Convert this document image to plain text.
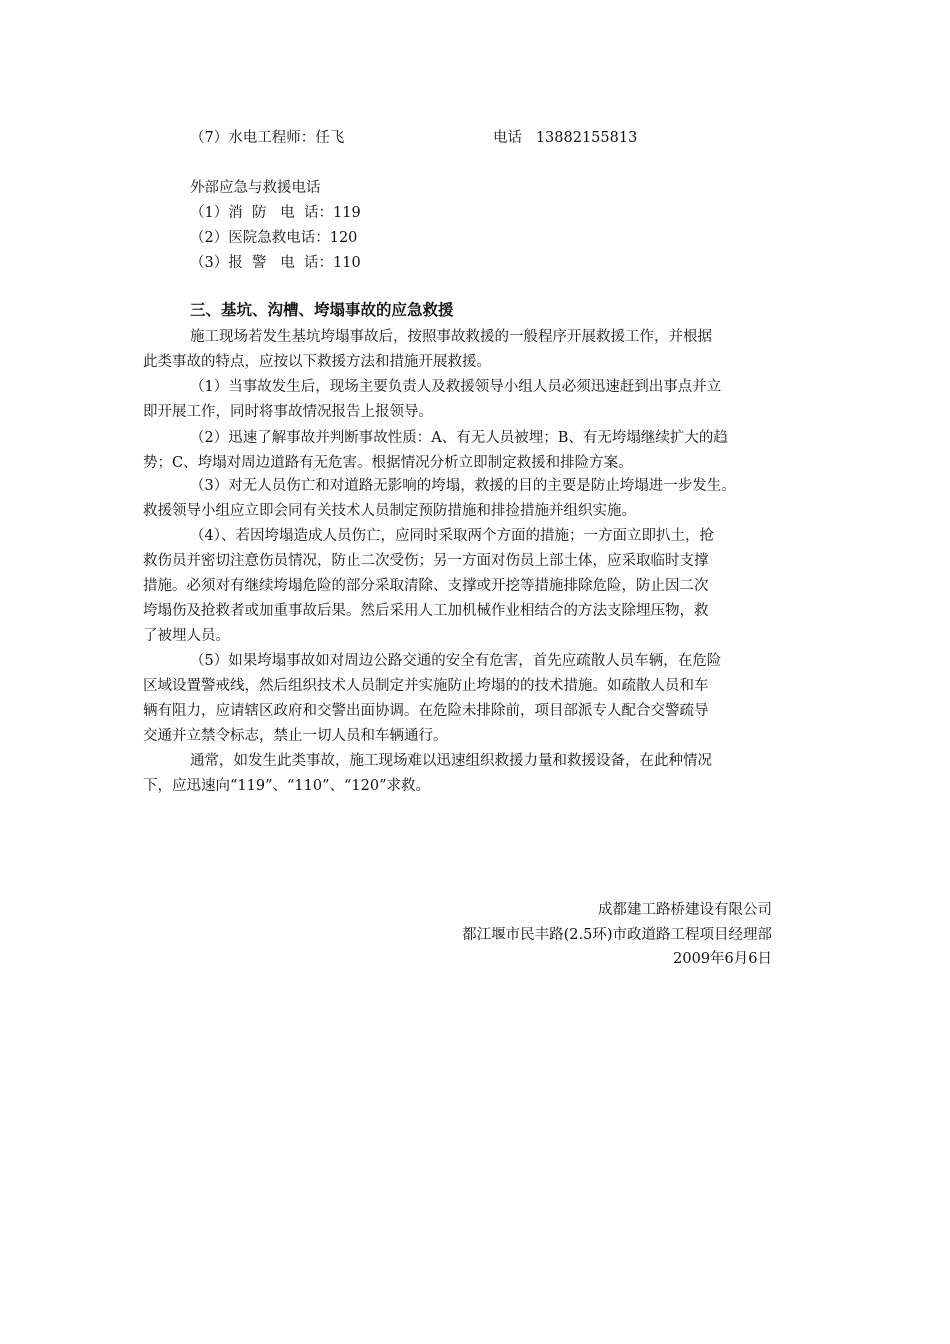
（7）水电工程师：任飞	电话 13882155813
外部应急与救援电话
（1）消  防   电  话：119
（2）医院急救电话：120
（3）报  警   电  话：110
三、基坑、沟槽、垮塌事故的应急救援
施工现场若发生基坑垮塌事故后，按照事故救援的一般程序开展救援工作，并根据
此类事故的特点，应按以下救援方法和措施开展救援。
（1）当事故发生后，现场主要负责人及救援领导小组人员必须迅速赶到出事点并立
即开展工作，同时将事故情况报告上报领导。
（2）迅速了解事故并判断事故性质：A、有无人员被埋；B、有无垮塌继续扩大的趋
势；C、垮塌对周边道路有无危害。根据情况分析立即制定救援和排险方案。
（3）对无人员伤亡和对道路无影响的垮塌，救援的目的主要是防止垮塌进一步发生。
救援领导小组应立即会同有关技术人员制定预防措施和排捡措施并组织实施。
（4）、若因垮塌造成人员伤亡，应同时采取两个方面的措施；一方面立即扒土，抢
救伤员并密切注意伤员情况，防止二次受伤；另一方面对伤员上部土体，应采取临时支撑
措施。必须对有继续垮塌危险的部分采取清除、支撑或开挖等措施排除危险，防止因二次
垮塌伤及抢救者或加重事故后果。然后采用人工加机械作业相结合的方法支除埋压物，救
了被埋人员。
（5）如果垮塌事故如对周边公路交通的安全有危害，首先应疏散人员车辆，在危险
区域设置警戒线，然后组织技术人员制定并实施防止垮塌的的技术措施。如疏散人员和车
辆有阻力，应请辖区政府和交警出面协调。在危险未排除前，项目部派专人配合交警疏导
交通并立禁令标志，禁止一切人员和车辆通行。
通常，如发生此类事故，施工现场难以迅速组织救援力量和救援设备，在此种情况
下，应迅速向“119”、“110”、“120”求救。
成都建工路桥建设有限公司
都江堰市民丰路(2.5环)市政道路工程项目经理部
2009年6月6日
